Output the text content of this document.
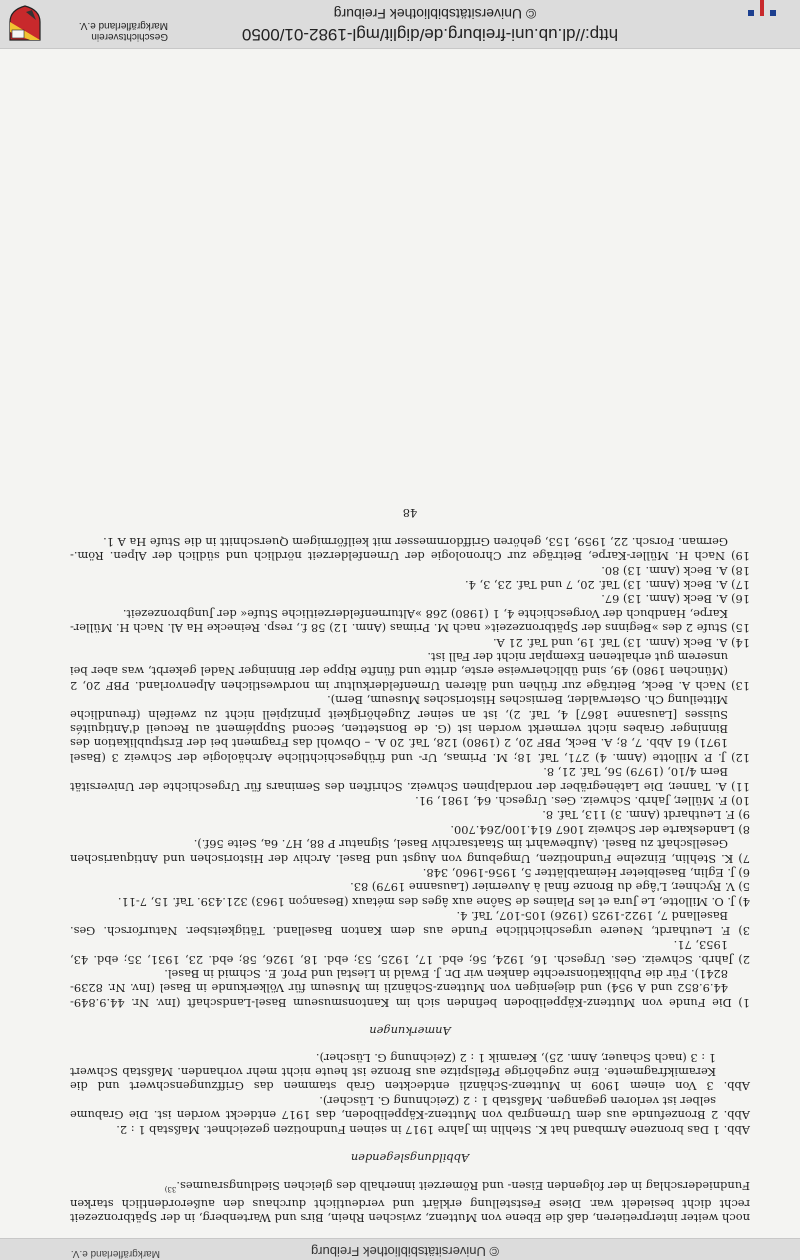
Geschichtsverein Markgräflerland e.V.
© Universitätsbibliothek Freiburg
http://dl.ub.uni-freiburg.de/diglit/mgl-1982-01/0050

noch weiter interpretieren, daß die Ebene von Muttenz, zwischen Rhein, Birs und Wartenberg, in der Spätbronzezeit recht dicht besiedelt war. Diese Feststellung erklärt und verdeutlicht durchaus den außerordentlich starken Fundniederschlag in der folgenden Eisen- und Römerzeit innerhalb des gleichen Siedlungsraumes.$^{33)}$

Abbildungslegenden

Abb. 1 Das bronzene Armband hat K. Stehlin im Jahre 1917 in seinen Fundnotizen gezeichnet. Maßstab 1 : 2.

Abb. 2 Bronzefunde aus dem Urnengrab von Muttenz-Käppeliboden, das 1917 entdeckt worden ist. Die Grabume selber ist verloren gegangen. Maßstab 1 : 2 (Zeichnung G. Lüscher).

Abb. 3 Von einem 1909 in Muttenz-Schänzli entdeckten Grab stammen das Griffzungenschwert und die Keramikfragmente. Eine zugehörige Pfeilspitze aus Bronze ist heute nicht mehr vorhanden. Maßstab Schwert 1 : 3 (nach Schauer, Anm. 25), Keramik 1 : 2 (Zeichnung G. Lüscher).

Anmerkungen

1) Die Funde von Muttenz-Käppeliboden befinden sich im Kantonsmuseum Basel-Landschaft (Inv. Nr. 44.9.849-44.9.852 und A 954) und diejenigen von Muttenz-Schänzli im Museum für Völkerkunde in Basel (Inv. Nr. 8239-8241). Für die Publikationsrechte danken wir Dr. J. Ewald in Liestal und Prof. E. Schmid in Basel.

2) Jahrb. Schweiz. Ges. Urgesch. 16, 1924, 56; ebd. 17, 1925, 53; ebd. 18, 1926, 58; ebd. 23, 1931, 35; ebd. 43, 1953, 71.

3) F. Leuthardt, Neuere urgeschichtliche Funde aus dem Kanton Baselland. Tätigkeitsber. Naturforsch. Ges. Baselland 7, 1922-1925 (1926) 105-107, Taf. 4.

4) J. O. Millotte, Le Jura et les Plaines de Saône aux âges des métaux (Besançon 1963) 321.439. Taf. 15, 7-11.

5) V. Rychner, L'âge du Bronze final à Auvernier (Lausanne 1979) 83.

6) J. Eglin, Baselbieter Heimatblätter 5, 1956-1960, 348.

7) K. Stehlin, Einzelne Fundnotizen, Umgebung von Augst und Basel. Archiv der Historischen und Antiquarischen Gesellschaft zu Basel. (Aufbewahrt im Staatsarchiv Basel, Signatur P 88, H7. 6a, Seite 56f.).

8) Landeskarte der Schweiz 1067 614.100/264.700.

9) F. Leuthardt (Anm. 3) 113, Taf. 8.

10) F. Müller, Jahrb. Schweiz. Ges. Urgesch. 64, 1981, 91.

11) A. Tanner, Die Latènegräber der nordalpinen Schweiz. Schriften des Seminars für Urgeschichte der Universität Bern 4/10, (1979) 56, Taf. 21, 8.

12) J. P. Millotte (Anm. 4) 271, Taf. 18; M. Primas, Ur- und frühgeschichtliche Archäologie der Schweiz 3 (Basel 1971) 61 Abb. 7, 8; A. Beck, PBF 20, 2 (1980) 128, Taf. 20 A. – Obwohl das Fragment bei der Erstpublikation des Binninger Grabes nicht vermerkt worden ist (G. de Bonstetten, Second Supplément au Recueil d'Antiquités Suisses [Lausanne 1867] 4, Taf. 2), ist an seiner Zugehörigkeit prinzipiell nicht zu zweifeln (freundliche Mitteilung Ch. Osterwalder, Bernisches Historisches Museum, Bern).

13) Nach A. Beck, Beiträge zur frühen und älteren Urnenfelderkultur im nordwestlichen Alpenvorland. PBF 20, 2 (München 1980) 49, sind üblicherweise erste, dritte und fünfte Rippe der Binninger Nadel gekerbt, was aber bei unserem gut erhaltenen Exemplar nicht der Fall ist.

14) A. Beck (Anm. 13) Taf. 19, und Taf. 21 A.

15) Stufe 2 des »Beginns der Spätbronzezeit« nach M. Primas (Anm. 12) 58 f., resp. Reinecke Ha Al. Nach H. Müller-Karpe, Handbuch der Vorgeschichte 4, 1 (1980) 268 »Alturnenfelderzeitliche Stufe« der Jungbronzezeit.

16) A. Beck (Anm. 13) 67.

17) A. Beck (Anm. 13) Taf. 20, 7 und Taf. 23, 3, 4.

18) A. Beck (Anm. 13) 80.

19) Nach H. Müller-Karpe, Beiträge zur Chronologie der Urnenfelderzeit nördlich und südlich der Alpen. Röm.-German. Forsch. 22, 1959, 153, gehören Griffdornmesser mit keilförmigem Querschnitt in die Stufe Ha A 1.

48

Markgräflerland e.V.	© Universitätsbibliothek Freiburg
